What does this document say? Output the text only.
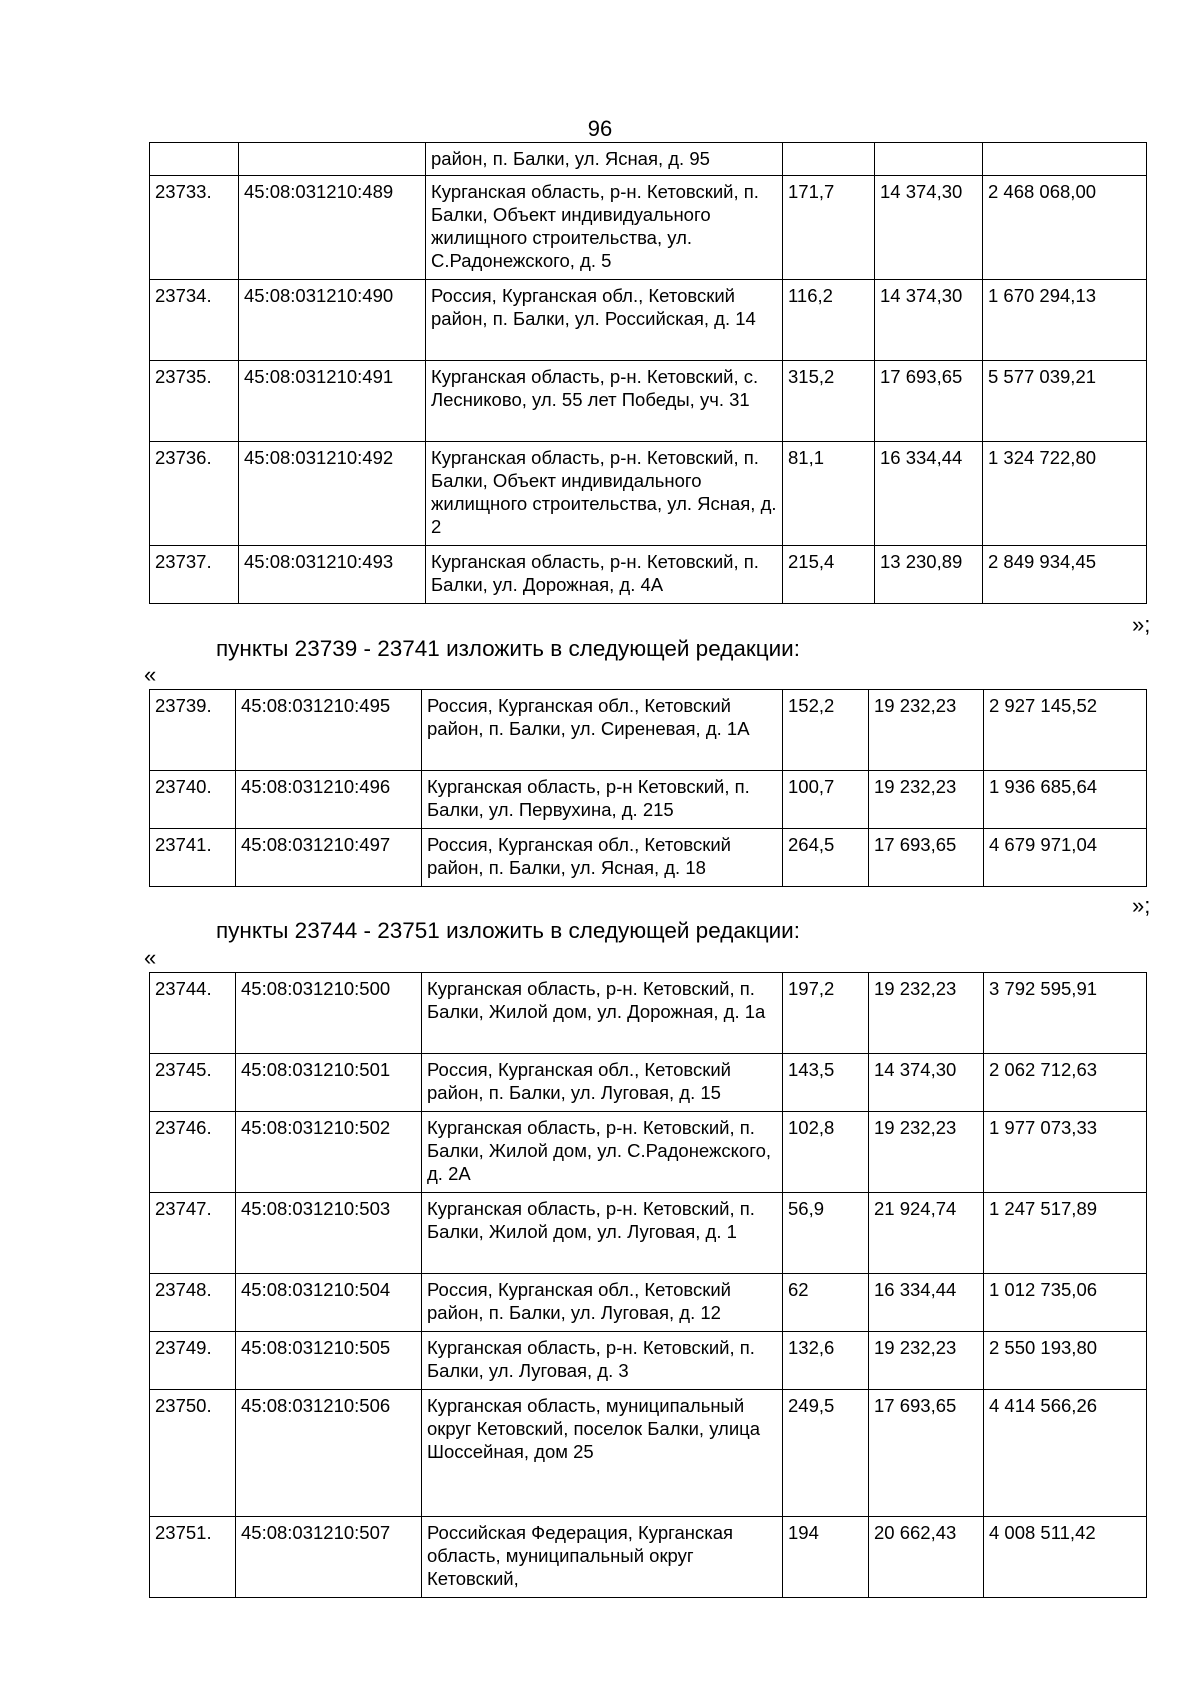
96
		район, п. Балки, ул. Ясная, д. 95			
23733.	45:08:031210:489	Курганская область, р-н. Кетовский, п. Балки, Объект индивидуального жилищного строительства, ул. С.Радонежского, д. 5	171,7	14 374,30	2 468 068,00
23734.	45:08:031210:490	Россия, Курганская обл., Кетовский район, п. Балки, ул. Российская, д. 14	116,2	14 374,30	1 670 294,13
23735.	45:08:031210:491	Курганская область, р-н. Кетовский, с. Лесниково, ул. 55 лет Победы, уч. 31	315,2	17 693,65	5 577 039,21
23736.	45:08:031210:492	Курганская область, р-н. Кетовский, п. Балки, Объект индивидального жилищного строительства, ул. Ясная, д. 2	81,1	16 334,44	1 324 722,80
23737.	45:08:031210:493	Курганская область, р-н. Кетовский, п. Балки, ул. Дорожная, д. 4А	215,4	13 230,89	2 849 934,45
»;
пункты 23739 - 23741 изложить в следующей редакции:
«
23739.	45:08:031210:495	Россия, Курганская обл., Кетовский район, п. Балки, ул. Сиреневая, д. 1А	152,2	19 232,23	2 927 145,52
23740.	45:08:031210:496	Курганская область, р-н Кетовский, п. Балки, ул. Первухина, д. 215	100,7	19 232,23	1 936 685,64
23741.	45:08:031210:497	Россия, Курганская обл., Кетовский район, п. Балки, ул. Ясная, д. 18	264,5	17 693,65	4 679 971,04
»;
пункты 23744 - 23751 изложить в следующей редакции:
«
23744.	45:08:031210:500	Курганская область, р-н. Кетовский, п. Балки, Жилой дом, ул. Дорожная, д. 1а	197,2	19 232,23	3 792 595,91
23745.	45:08:031210:501	Россия, Курганская обл., Кетовский район, п. Балки, ул. Луговая, д. 15	143,5	14 374,30	2 062 712,63
23746.	45:08:031210:502	Курганская область, р-н. Кетовский, п. Балки, Жилой дом, ул. С.Радонежского, д. 2А	102,8	19 232,23	1 977 073,33
23747.	45:08:031210:503	Курганская область, р-н. Кетовский, п. Балки, Жилой дом, ул. Луговая, д. 1	56,9	21 924,74	1 247 517,89
23748.	45:08:031210:504	Россия, Курганская обл., Кетовский район, п. Балки, ул. Луговая, д. 12	62	16 334,44	1 012 735,06
23749.	45:08:031210:505	Курганская область, р-н. Кетовский, п. Балки, ул. Луговая, д. 3	132,6	19 232,23	2 550 193,80
23750.	45:08:031210:506	Курганская область, муниципальный округ Кетовский, поселок Балки, улица Шоссейная, дом 25	249,5	17 693,65	4 414 566,26
23751.	45:08:031210:507	Российская Федерация, Курганская область, муниципальный округ Кетовский,	194	20 662,43	4 008 511,42
